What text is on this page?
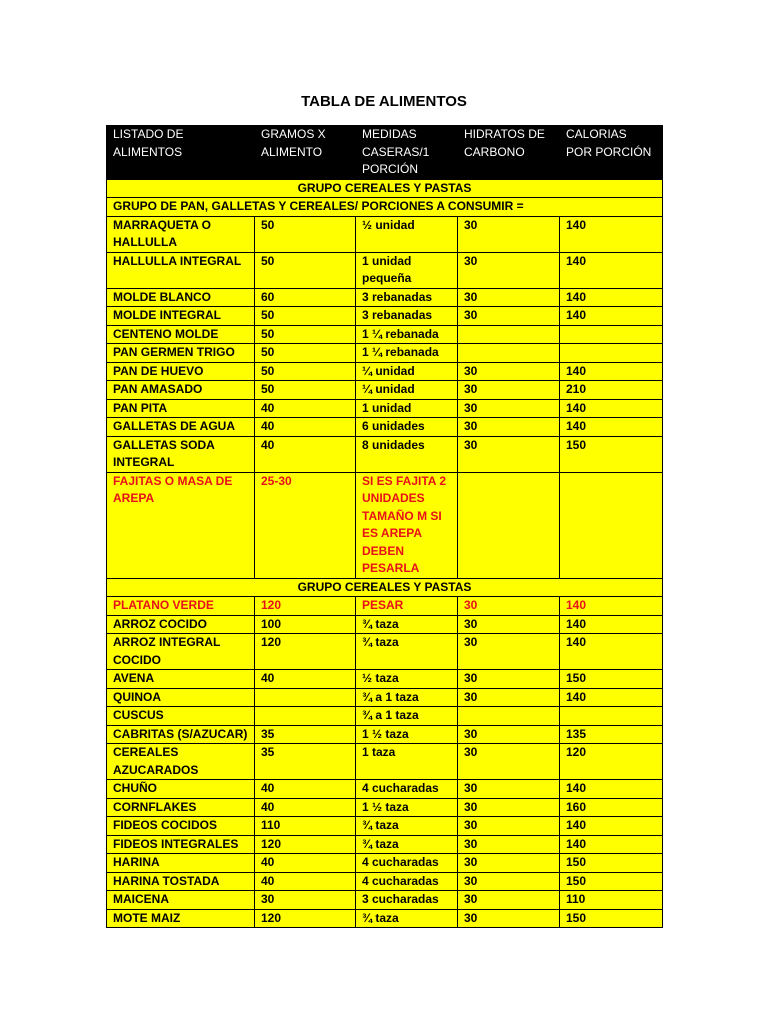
TABLA DE ALIMENTOS
LISTADO DE ALIMENTOS	GRAMOS X ALIMENTO	MEDIDAS CASERAS/1 PORCIÓN	HIDRATOS DE CARBONO	CALORIAS POR PORCIÓN
GRUPO CEREALES Y PASTAS				
GRUPO DE PAN, GALLETAS Y CEREALES/ PORCIONES A CONSUMIR =				
MARRAQUETA O HALLULLA	50	½ unidad	30	140
HALLULLA INTEGRAL	50	1 unidad pequeña	30	140
MOLDE BLANCO	60	3 rebanadas	30	140
MOLDE INTEGRAL	50	3 rebanadas	30	140
CENTENO MOLDE	50	1 ¼ rebanada		
PAN GERMEN TRIGO	50	1 ¼ rebanada		
PAN DE HUEVO	50	¼ unidad	30	140
PAN AMASADO	50	¼ unidad	30	210
PAN PITA	40	1 unidad	30	140
GALLETAS DE AGUA	40	6 unidades	30	140
GALLETAS SODA INTEGRAL	40	8 unidades	30	150
FAJITAS O MASA DE AREPA	25-30	SI ES FAJITA 2 UNIDADES TAMAÑO M SI ES AREPA DEBEN PESARLA		
GRUPO CEREALES Y PASTAS				
PLATANO VERDE	120	PESAR	30	140
ARROZ COCIDO	100	¾ taza	30	140
ARROZ INTEGRAL COCIDO	120	¾ taza	30	140
AVENA	40	½ taza	30	150
QUINOA		¾ a 1 taza	30	140
CUSCUS		¾ a 1 taza		
CABRITAS (S/AZUCAR)	35	1 ½ taza	30	135
CEREALES AZUCARADOS	35	1 taza	30	120
CHUÑO	40	4 cucharadas	30	140
CORNFLAKES	40	1 ½ taza	30	160
FIDEOS COCIDOS	110	¾ taza	30	140
FIDEOS INTEGRALES	120	¾ taza	30	140
HARINA	40	4 cucharadas	30	150
HARINA TOSTADA	40	4 cucharadas	30	150
MAICENA	30	3 cucharadas	30	110
MOTE MAIZ	120	¾ taza	30	150
